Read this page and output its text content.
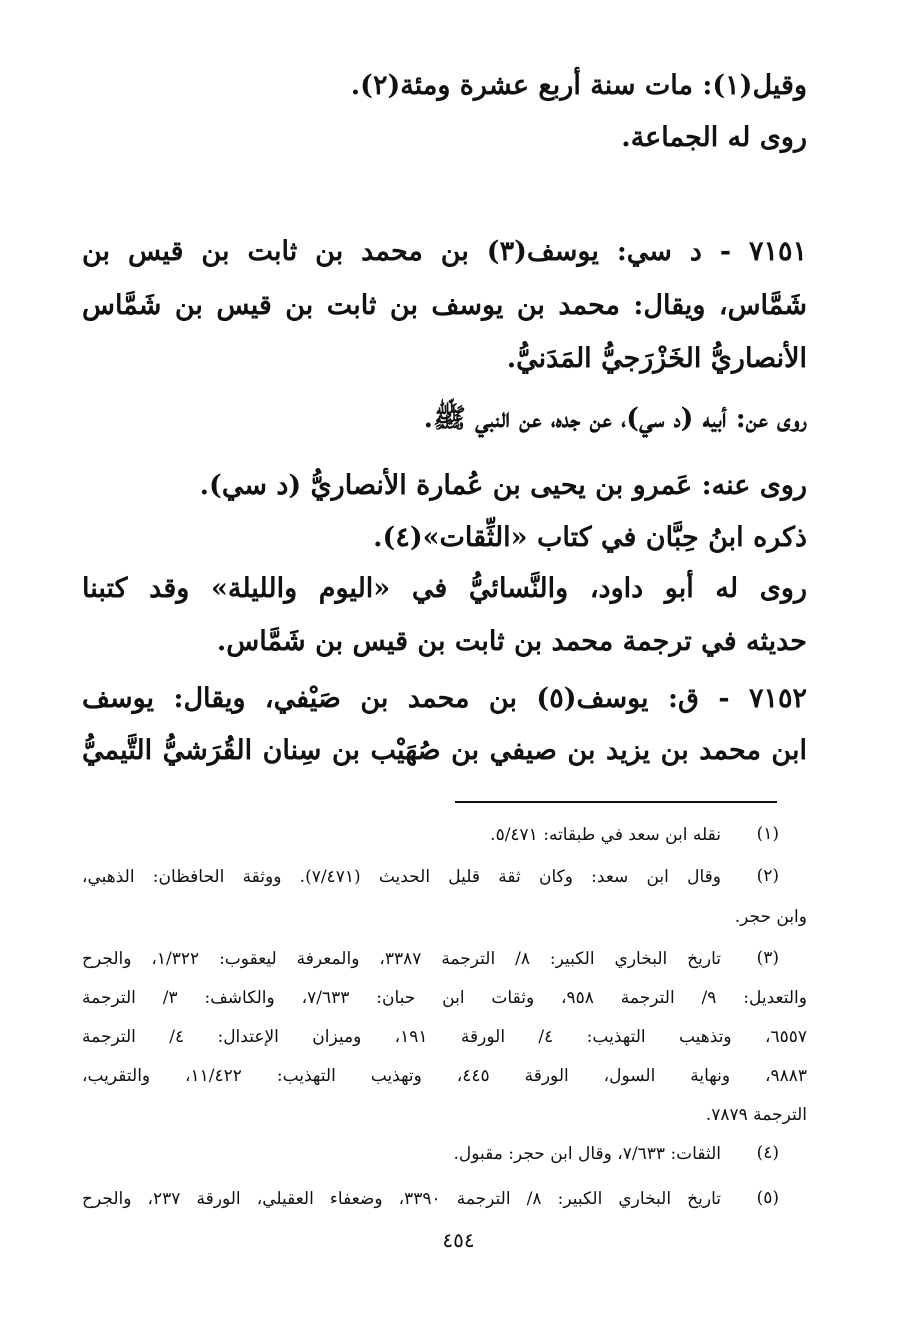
وقيل(١): مات سنة أربع عشرة ومئة(٢).
روى له الجماعة.
٧١٥١ - د سي: يوسف(٣) بن محمد بن ثابت بن قيس بن
شَمَّاس، ويقال: محمد بن يوسف بن ثابت بن قيس بن شَمَّاس
الأنصاريُّ الخَزْرَجيُّ المَدَنيُّ.
روى عن: أبيه (د سي)، عن جده، عن النبي ﷺ.
روى عنه: عَمرو بن يحيى بن عُمارة الأنصاريُّ (د سي).
ذكره ابنُ حِبَّان في كتاب «الثِّقات»(٤).
روى له أبو داود، والنَّسائيُّ في «اليوم والليلة» وقد كتبنا
حديثه في ترجمة محمد بن ثابت بن قيس بن شَمَّاس.
٧١٥٢ - ق: يوسف(٥) بن محمد بن صَيْفي، ويقال: يوسف
ابن محمد بن يزيد بن صيفي بن صُهَيْب بن سِنان القُرَشيُّ التَّيميُّ
(١)
نقله ابن سعد في طبقاته: ٥/٤٧١.
(٢)
وقال ابن سعد: وكان ثقة قليل الحديث (٧/٤٧١). ووثقة الحافظان: الذهبي،
وابن حجر.
(٣)
تاريخ البخاري الكبير: ٨/ الترجمة ٣٣٨٧، والمعرفة ليعقوب: ١/٣٢٢، والجرح
والتعديل: ٩/ الترجمة ٩٥٨، وثقات ابن حبان: ٧/٦٣٣، والكاشف: ٣/ الترجمة
٦٥٥٧، وتذهيب التهذيب: ٤/ الورقة ١٩١، وميزان الإعتدال: ٤/ الترجمة
٩٨٨٣، ونهاية السول، الورقة ٤٤٥، وتهذيب التهذيب: ١١/٤٢٢، والتقريب،
الترجمة ٧٨٧٩.
(٤)
الثقات: ٧/٦٣٣، وقال ابن حجر: مقبول.
(٥)
تاريخ البخاري الكبير: ٨/ الترجمة ٣٣٩٠، وضعفاء العقيلي، الورقة ٢٣٧، والجرح
٤٥٤
